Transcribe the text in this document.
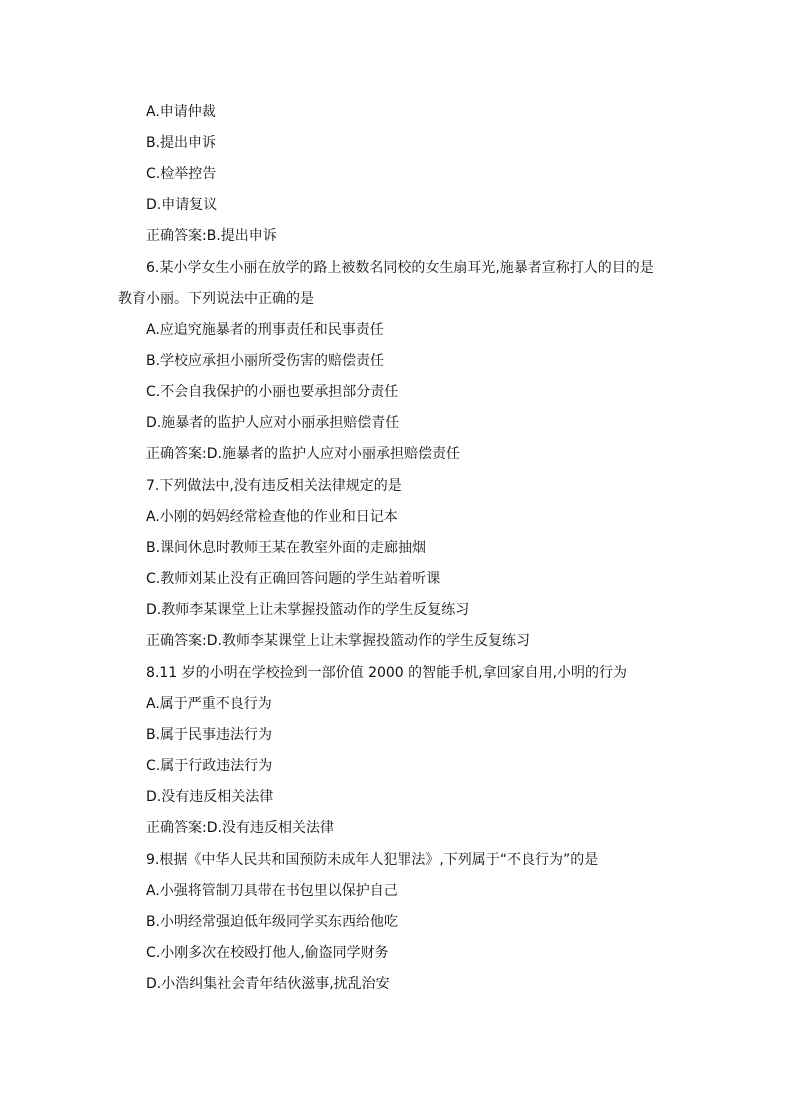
A.申请仲裁
B.提出申诉
C.检举控告
D.申请复议
正确答案:B.提出申诉
6.某小学女生小丽在放学的路上被数名同校的女生扇耳光,施暴者宣称打人的目的是
教育小丽。下列说法中正确的是
A.应追究施暴者的刑事责任和民事责任
B.学校应承担小丽所受伤害的赔偿责任
C.不会自我保护的小丽也要承担部分责任
D.施暴者的监护人应对小丽承担赔偿青任
正确答案:D.施暴者的监护人应对小丽承担赔偿责任
7.下列做法中,没有违反相关法律规定的是
A.小刚的妈妈经常检查他的作业和日记本
B.课间休息时教师王某在教室外面的走廊抽烟
C.教师刘某止没有正确回答问题的学生站着听课
D.教师李某课堂上让未掌握投篮动作的学生反复练习
正确答案:D.教师李某课堂上让未掌握投篮动作的学生反复练习
8.11 岁的小明在学校捡到一部价值 2000 的智能手机,拿回家自用,小明的行为
A.属于严重不良行为
B.属于民事违法行为
C.属于行政违法行为
D.没有违反相关法律
正确答案:D.没有违反相关法律
9.根据《中华人民共和国预防未成年人犯罪法》,下列属于“不良行为”的是
A.小强将管制刀具带在书包里以保护自己
B.小明经常强迫低年级同学买东西给他吃
C.小刚多次在校殴打他人,偷盗同学财务
D.小浩纠集社会青年结伙滋事,扰乱治安
